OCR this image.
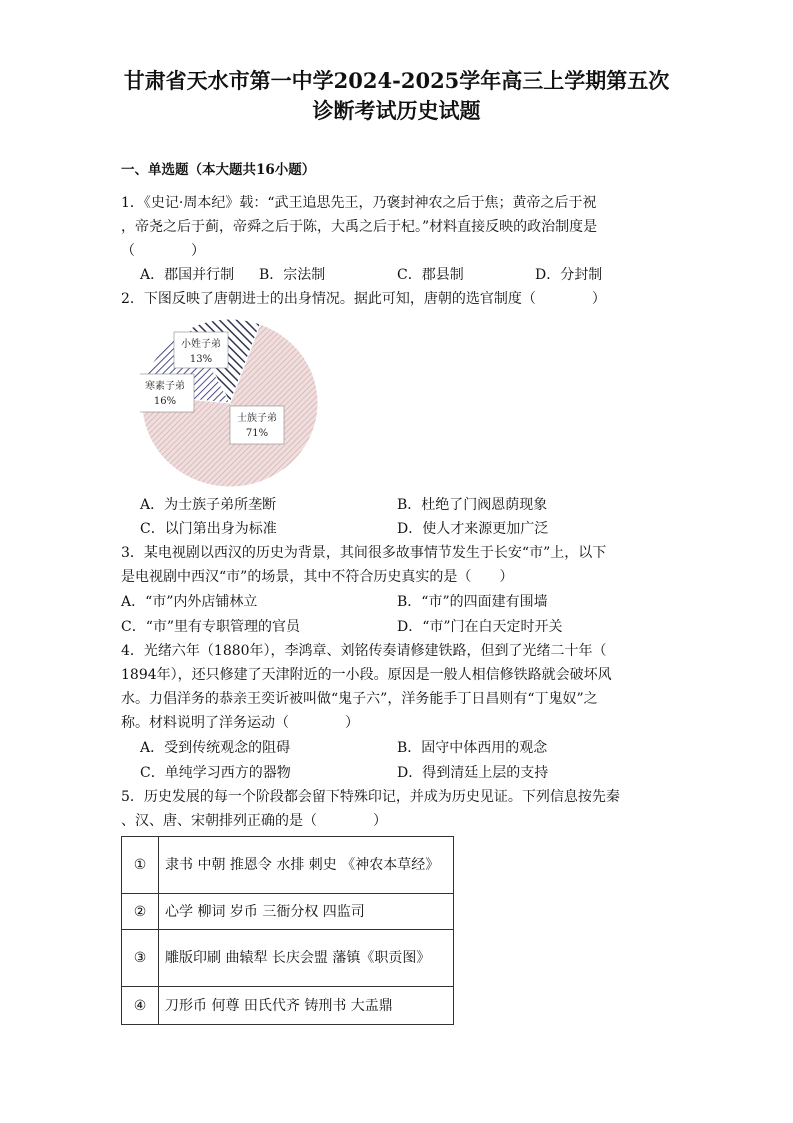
甘肃省天水市第一中学2024-2025学年高三上学期第五次
诊断考试历史试题
一、单选题（本大题共16小题）
1．《史记·周本纪》载：“武王追思先王，乃褒封神农之后于焦；黄帝之后于祝
，帝尧之后于蓟，帝舜之后于陈，大禹之后于杞。”材料直接反映的政治制度是
（　　　　）
A．郡国并行制 B．宗法制	C．郡县制	D．分封制
2．下图反映了唐朝进士的出身情况。据此可知，唐朝的选官制度（　　　　）
士族子弟
71%
寒素子弟
16%
小姓子弟
13%
A．为士族子弟所垄断	B．杜绝了门阀恩荫现象
C．以门第出身为标准	D．使人才来源更加广泛
3．某电视剧以西汉的历史为背景，其间很多故事情节发生于长安“市”上，以下
是电视剧中西汉“市”的场景，其中不符合历史真实的是（　　）
A．“市”内外店铺林立	B．“市”的四面建有围墙
C．“市”里有专职管理的官员	D．“市”门在白天定时开关
4．光绪六年（1880年），李鸿章、刘铭传奏请修建铁路，但到了光绪二十年（
1894年），还只修建了天津附近的一小段。原因是一般人相信修铁路就会破坏风
水。力倡洋务的恭亲王奕䜣被叫做“鬼子六”，洋务能手丁日昌则有“丁鬼奴”之
称。材料说明了洋务运动（　　　　）
A．受到传统观念的阻碍	B．固守中体西用的观念
C．单纯学习西方的器物	D．得到清廷上层的支持
5．历史发展的每一个阶段都会留下特殊印记，并成为历史见证。下列信息按先秦
、汉、唐、宋朝排列正确的是（　　　　）
①	隶书 中朝 推恩令 水排 刺史 《神农本草经》
②	心学 柳词 岁币 三衙分权 四监司
③	雕版印刷 曲辕犁 长庆会盟 藩镇《职贡图》
④	刀形币 何尊 田氏代齐 铸刑书 大盂鼎
